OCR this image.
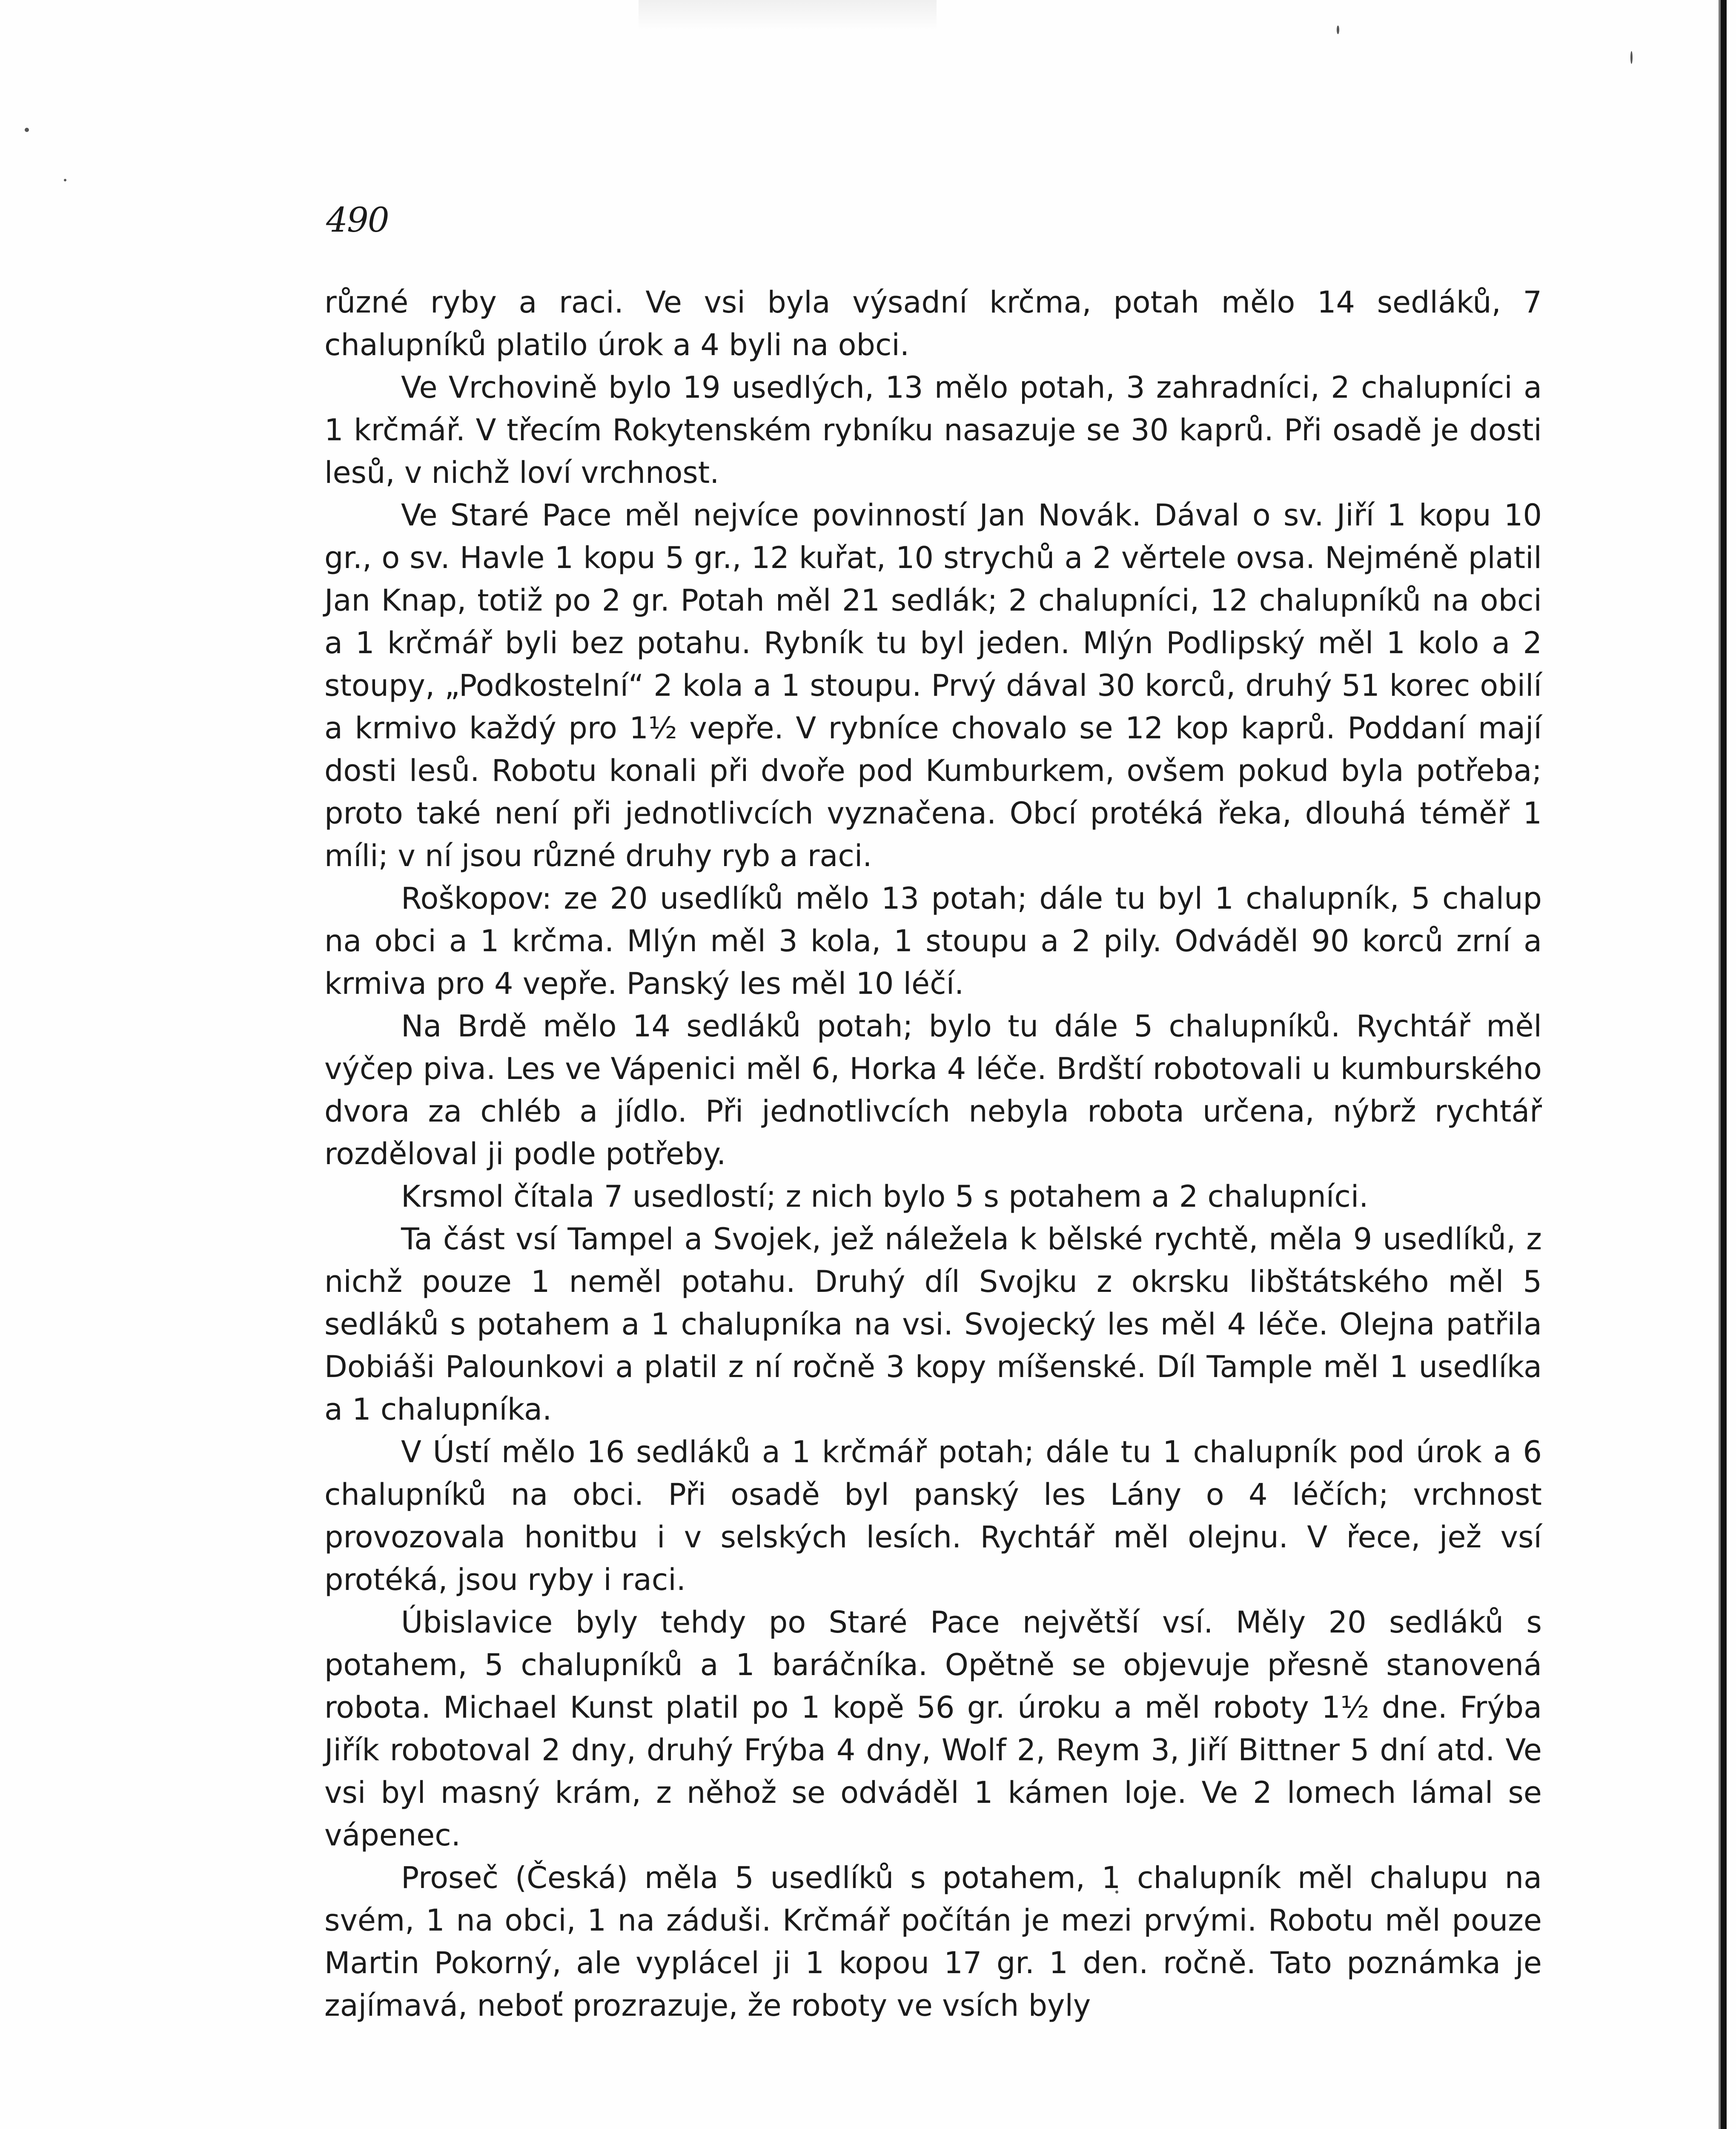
490

různé ryby a raci. Ve vsi byla výsadní krčma, potah mělo 14 sedláků, 7 chalupníků platilo úrok a 4 byli na obci.

Ve Vrchovině bylo 19 usedlých, 13 mělo potah, 3 zahradníci, 2 chalupníci a 1 krčmář. V třecím Rokytenském rybníku nasazuje se 30 kaprů. Při osadě je dosti lesů, v nichž loví vrchnost.

Ve Staré Pace měl nejvíce povinností Jan Novák. Dával o sv. Jiří 1 kopu 10 gr., o sv. Havle 1 kopu 5 gr., 12 kuřat, 10 strychů a 2 věrtele ovsa. Nejméně platil Jan Knap, totiž po 2 gr. Potah měl 21 sedlák; 2 chalupníci, 12 chalupníků na obci a 1 krčmář byli bez potahu. Rybník tu byl jeden. Mlýn Podlipský měl 1 kolo a 2 stoupy, „Podkostelní“ 2 kola a 1 stoupu. Prvý dával 30 korců, druhý 51 korec obilí a krmivo každý pro 1½ vepře. V rybníce chovalo se 12 kop kaprů. Poddaní mají dosti lesů. Robotu konali při dvoře pod Kumburkem, ovšem pokud byla potřeba; proto také není při jednotlivcích vyznačena. Obcí protéká řeka, dlouhá téměř 1 míli; v ní jsou různé druhy ryb a raci.

Roškopov: ze 20 usedlíků mělo 13 potah; dále tu byl 1 chalupník, 5 chalup na obci a 1 krčma. Mlýn měl 3 kola, 1 stoupu a 2 pily. Odváděl 90 korců zrní a krmiva pro 4 vepře. Panský les měl 10 léčí.

Na Brdě mělo 14 sedláků potah; bylo tu dále 5 chalupníků. Rychtář měl výčep piva. Les ve Vápenici měl 6, Horka 4 léče. Brdští robotovali u kumburského dvora za chléb a jídlo. Při jednotlivcích nebyla robota určena, nýbrž rychtář rozděloval ji podle potřeby.

Krsmol čítala 7 usedlostí; z nich bylo 5 s potahem a 2 chalupníci.

Ta část vsí Tampel a Svojek, jež náležela k bělské rychtě, měla 9 usedlíků, z nichž pouze 1 neměl potahu. Druhý díl Svojku z okrsku libštátského měl 5 sedláků s potahem a 1 chalupníka na vsi. Svojecký les měl 4 léče. Olejna patřila Dobiáši Palounkovi a platil z ní ročně 3 kopy míšenské. Díl Tample měl 1 usedlíka a 1 chalupníka.

V Ústí mělo 16 sedláků a 1 krčmář potah; dále tu 1 chalupník pod úrok a 6 chalupníků na obci. Při osadě byl panský les Lány o 4 léčích; vrchnost provozovala honitbu i v selských lesích. Rychtář měl olejnu. V řece, jež vsí protéká, jsou ryby i raci.

Úbislavice byly tehdy po Staré Pace největší vsí. Měly 20 sedláků s potahem, 5 chalupníků a 1 baráčníka. Opětně se objevuje přesně stanovená robota. Michael Kunst platil po 1 kopě 56 gr. úroku a měl roboty 1½ dne. Frýba Jiřík robotoval 2 dny, druhý Frýba 4 dny, Wolf 2, Reym 3, Jiří Bittner 5 dní atd. Ve vsi byl masný krám, z něhož se odváděl 1 kámen loje. Ve 2 lomech lámal se vápenec.

Proseč (Česká) měla 5 usedlíků s potahem, 1 chalupník měl chalupu na svém, 1 na obci, 1 na záduši. Krčmář počítán je mezi prvými. Robotu měl pouze Martin Pokorný, ale vyplácel ji 1 kopou 17 gr. 1 den. ročně. Tato poznámka je zajímavá, neboť prozrazuje, že roboty ve vsích byly
